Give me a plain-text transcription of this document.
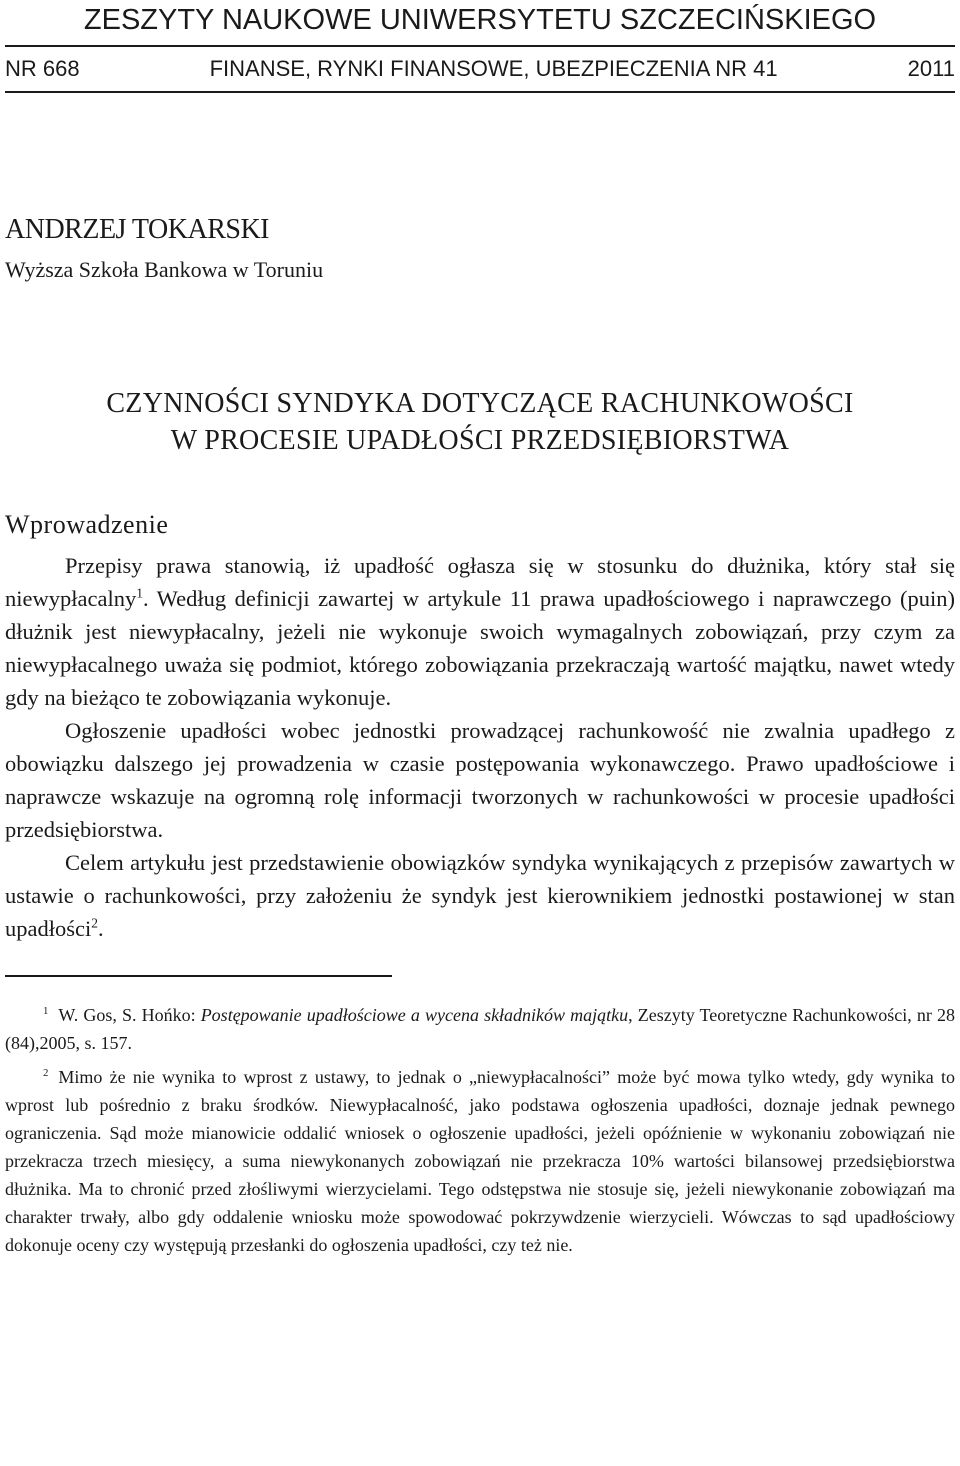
ZESZYTY NAUKOWE UNIWERSYTETU SZCZECIŃSKIEGO
NR 668	FINANSE, RYNKI FINANSOWE, UBEZPIECZENIA NR 41	2011
ANDRZEJ TOKARSKI
Wyższa Szkoła Bankowa w Toruniu
CZYNNOŚCI SYNDYKA DOTYCZĄCE RACHUNKOWOŚCI
W PROCESIE UPADŁOŚCI PRZEDSIĘBIORSTWA
Wprowadzenie

Przepisy prawa stanowią, iż upadłość ogłasza się w stosunku do dłużnika, który stał się niewypłacalny$^1$. Według definicji zawartej w artykule 11 prawa upadłościowego i naprawczego (puin) dłużnik jest niewypłacalny, jeżeli nie wykonuje swoich wymagalnych zobowiązań, przy czym za niewypłacalnego uważa się podmiot, którego zobowiązania przekraczają wartość majątku, nawet wtedy gdy na bieżąco te zobowiązania wykonuje.

Ogłoszenie upadłości wobec jednostki prowadzącej rachunkowość nie zwalnia upadłego z obowiązku dalszego jej prowadzenia w czasie postępowania wykonawczego. Prawo upadłościowe i naprawcze wskazuje na ogromną rolę informacji tworzonych w rachunkowości w procesie upadłości przedsiębiorstwa.

Celem artykułu jest przedstawienie obowiązków syndyka wynikających z przepisów zawartych w ustawie o rachunkowości, przy założeniu że syndyk jest kierownikiem jednostki postawionej w stan upadłości$^2$.

$^1$ W. Gos, S. Hońko: Postępowanie upadłościowe a wycena składników majątku, Zeszyty Teoretyczne Rachunkowości, nr 28 (84),2005, s. 157.

$^2$ Mimo że nie wynika to wprost z ustawy, to jednak o „niewypłacalności” może być mowa tylko wtedy, gdy wynika to wprost lub pośrednio z braku środków. Niewypłacalność, jako podstawa ogłoszenia upadłości, doznaje jednak pewnego ograniczenia. Sąd może mianowicie oddalić wniosek o ogłoszenie upadłości, jeżeli opóźnienie w wykonaniu zobowiązań nie przekracza trzech miesięcy, a suma niewykonanych zobowiązań nie przekracza 10% wartości bilansowej przedsiębiorstwa dłużnika. Ma to chronić przed złośliwymi wierzycielami. Tego odstępstwa nie stosuje się, jeżeli niewykonanie zobowiązań ma charakter trwały, albo gdy oddalenie wniosku może spowodować pokrzywdzenie wierzycieli. Wówczas to sąd upadłościowy dokonuje oceny czy występują przesłanki do ogłoszenia upadłości, czy też nie.
